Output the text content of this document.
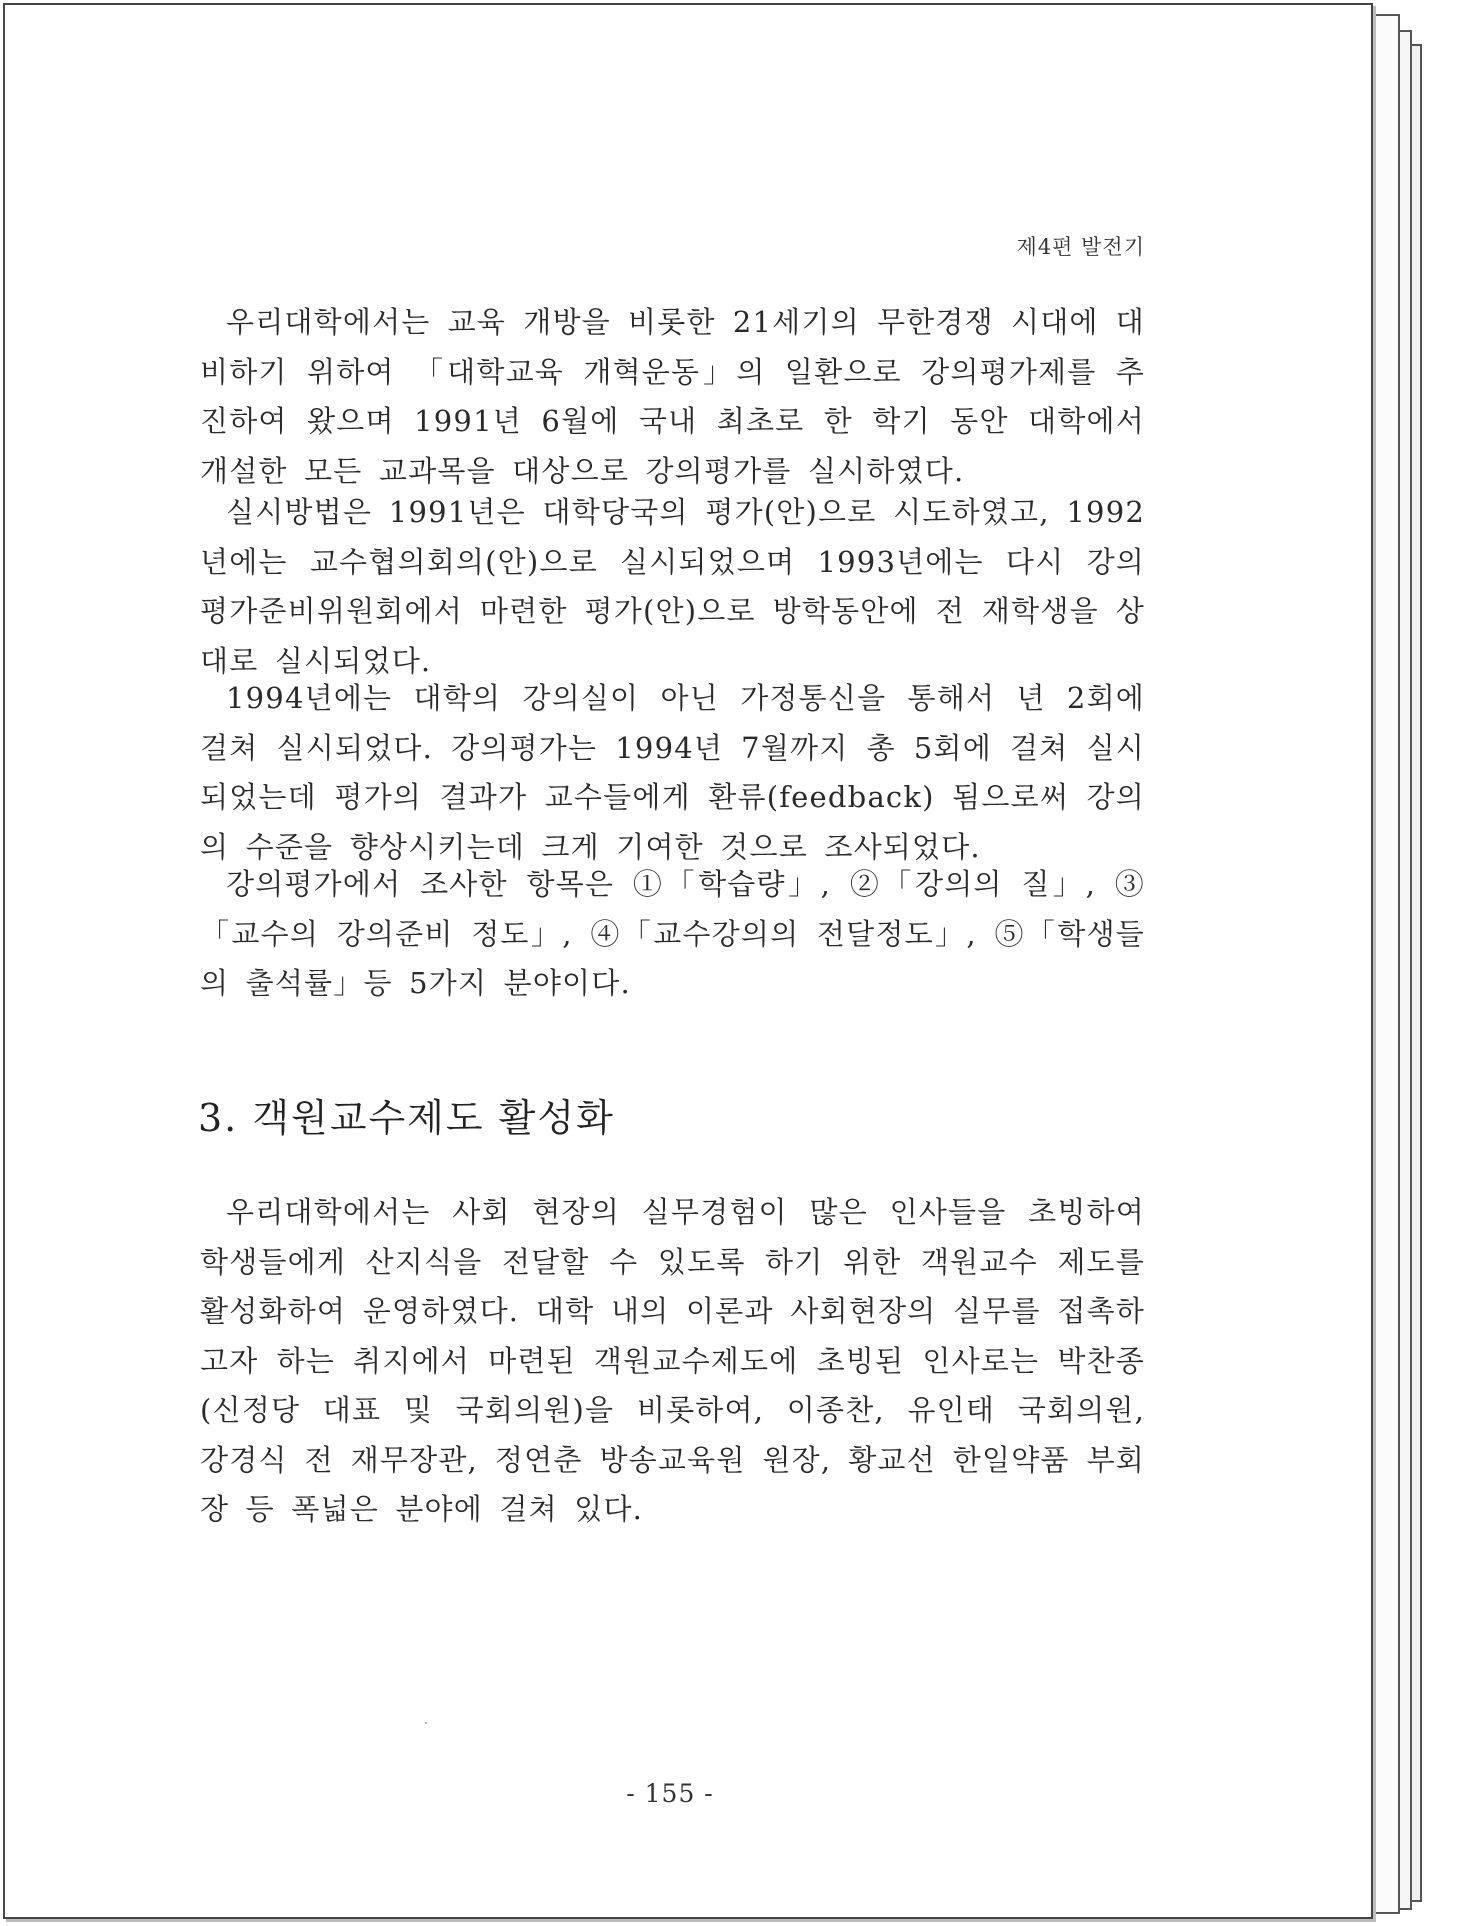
제4편 발전기

우리대학에서는 교육 개방을 비롯한 21세기의 무한경쟁 시대에 대비하기 위하여 「대학교육 개혁운동」의 일환으로 강의평가제를 추진하여 왔으며 1991년 6월에 국내 최초로 한 학기 동안 대학에서 개설한 모든 교과목을 대상으로 강의평가를 실시하였다.

실시방법은 1991년은 대학당국의 평가(안)으로 시도하였고, 1992년에는 교수협의회의(안)으로 실시되었으며 1993년에는 다시 강의평가준비위원회에서 마련한 평가(안)으로 방학동안에 전 재학생을 상대로 실시되었다.

1994년에는 대학의 강의실이 아닌 가정통신을 통해서 년 2회에 걸쳐 실시되었다. 강의평가는 1994년 7월까지 총 5회에 걸쳐 실시되었는데 평가의 결과가 교수들에게 환류(feedback) 됨으로써 강의의 수준을 향상시키는데 크게 기여한 것으로 조사되었다.

강의평가에서 조사한 항목은 ①「학습량」, ②「강의의 질」, ③「교수의 강의준비 정도」, ④「교수강의의 전달정도」, ⑤「학생들의 출석률」등 5가지 분야이다.

3. 객원교수제도 활성화

우리대학에서는 사회 현장의 실무경험이 많은 인사들을 초빙하여 학생들에게 산지식을 전달할 수 있도록 하기 위한 객원교수 제도를 활성화하여 운영하였다. 대학 내의 이론과 사회현장의 실무를 접촉하고자 하는 취지에서 마련된 객원교수제도에 초빙된 인사로는 박찬종(신정당 대표 및 국회의원)을 비롯하여, 이종찬, 유인태 국회의원, 강경식 전 재무장관, 정연춘 방송교육원 원장, 황교선 한일약품 부회장 등 폭넓은 분야에 걸쳐 있다.

- 155 -
